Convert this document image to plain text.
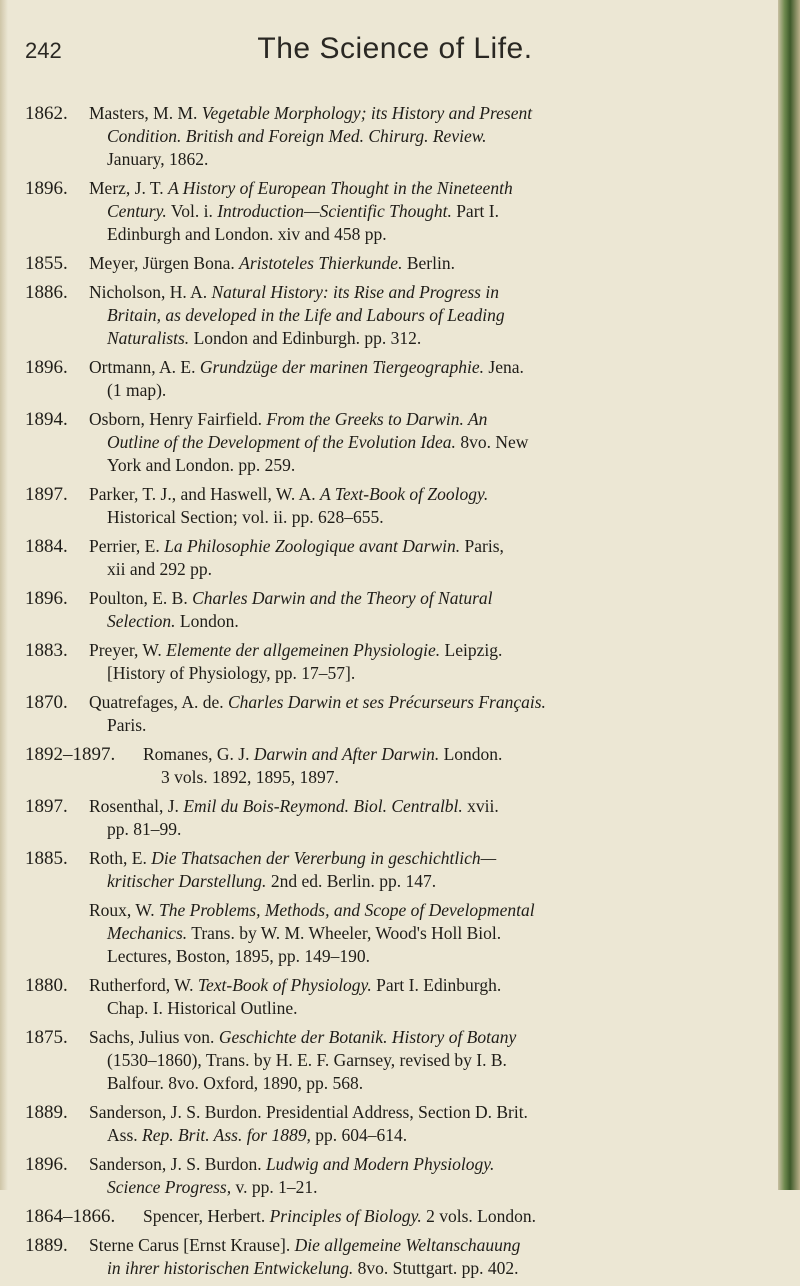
242	The Science of Life.
1862.	Masters, M. M. Vegetable Morphology; its History and Present
Condition. British and Foreign Med. Chirurg. Review.
January, 1862.
1896.	Merz, J. T. A History of European Thought in the Nineteenth
Century. Vol. i. Introduction—Scientific Thought. Part I.
Edinburgh and London. xiv and 458 pp.
1855.	Meyer, Jürgen Bona. Aristoteles Thierkunde. Berlin.
1886.	Nicholson, H. A. Natural History: its Rise and Progress in
Britain, as developed in the Life and Labours of Leading
Naturalists. London and Edinburgh. pp. 312.
1896.	Ortmann, A. E. Grundzüge der marinen Tiergeographie. Jena.
(1 map).
1894.	Osborn, Henry Fairfield. From the Greeks to Darwin. An
Outline of the Development of the Evolution Idea. 8vo. New
York and London. pp. 259.
1897.	Parker, T. J., and Haswell, W. A. A Text-Book of Zoology.
Historical Section; vol. ii. pp. 628–655.
1884.	Perrier, E. La Philosophie Zoologique avant Darwin. Paris,
xii and 292 pp.
1896.	Poulton, E. B. Charles Darwin and the Theory of Natural
Selection. London.
1883.	Preyer, W. Elemente der allgemeinen Physiologie. Leipzig.
[History of Physiology, pp. 17–57].
1870.	Quatrefages, A. de. Charles Darwin et ses Précurseurs Français.
Paris.
1892–1897.	Romanes, G. J. Darwin and After Darwin. London.
3 vols. 1892, 1895, 1897.
1897.	Rosenthal, J. Emil du Bois-Reymond. Biol. Centralbl. xvii.
pp. 81–99.
1885.	Roth, E. Die Thatsachen der Vererbung in geschichtlich—
kritischer Darstellung. 2nd ed. Berlin. pp. 147.
Roux, W. The Problems, Methods, and Scope of Developmental
Mechanics. Trans. by W. M. Wheeler, Wood's Holl Biol.
Lectures, Boston, 1895, pp. 149–190.
1880.	Rutherford, W. Text-Book of Physiology. Part I. Edinburgh.
Chap. I. Historical Outline.
1875.	Sachs, Julius von. Geschichte der Botanik. History of Botany
(1530–1860), Trans. by H. E. F. Garnsey, revised by I. B.
Balfour. 8vo. Oxford, 1890, pp. 568.
1889.	Sanderson, J. S. Burdon. Presidential Address, Section D. Brit.
Ass. Rep. Brit. Ass. for 1889, pp. 604–614.
1896.	Sanderson, J. S. Burdon. Ludwig and Modern Physiology.
Science Progress, v. pp. 1–21.
1864–1866.	Spencer, Herbert. Principles of Biology. 2 vols. London.
1889.	Sterne Carus [Ernst Krause]. Die allgemeine Weltanschauung
in ihrer historischen Entwickelung. 8vo. Stuttgart. pp. 402.
